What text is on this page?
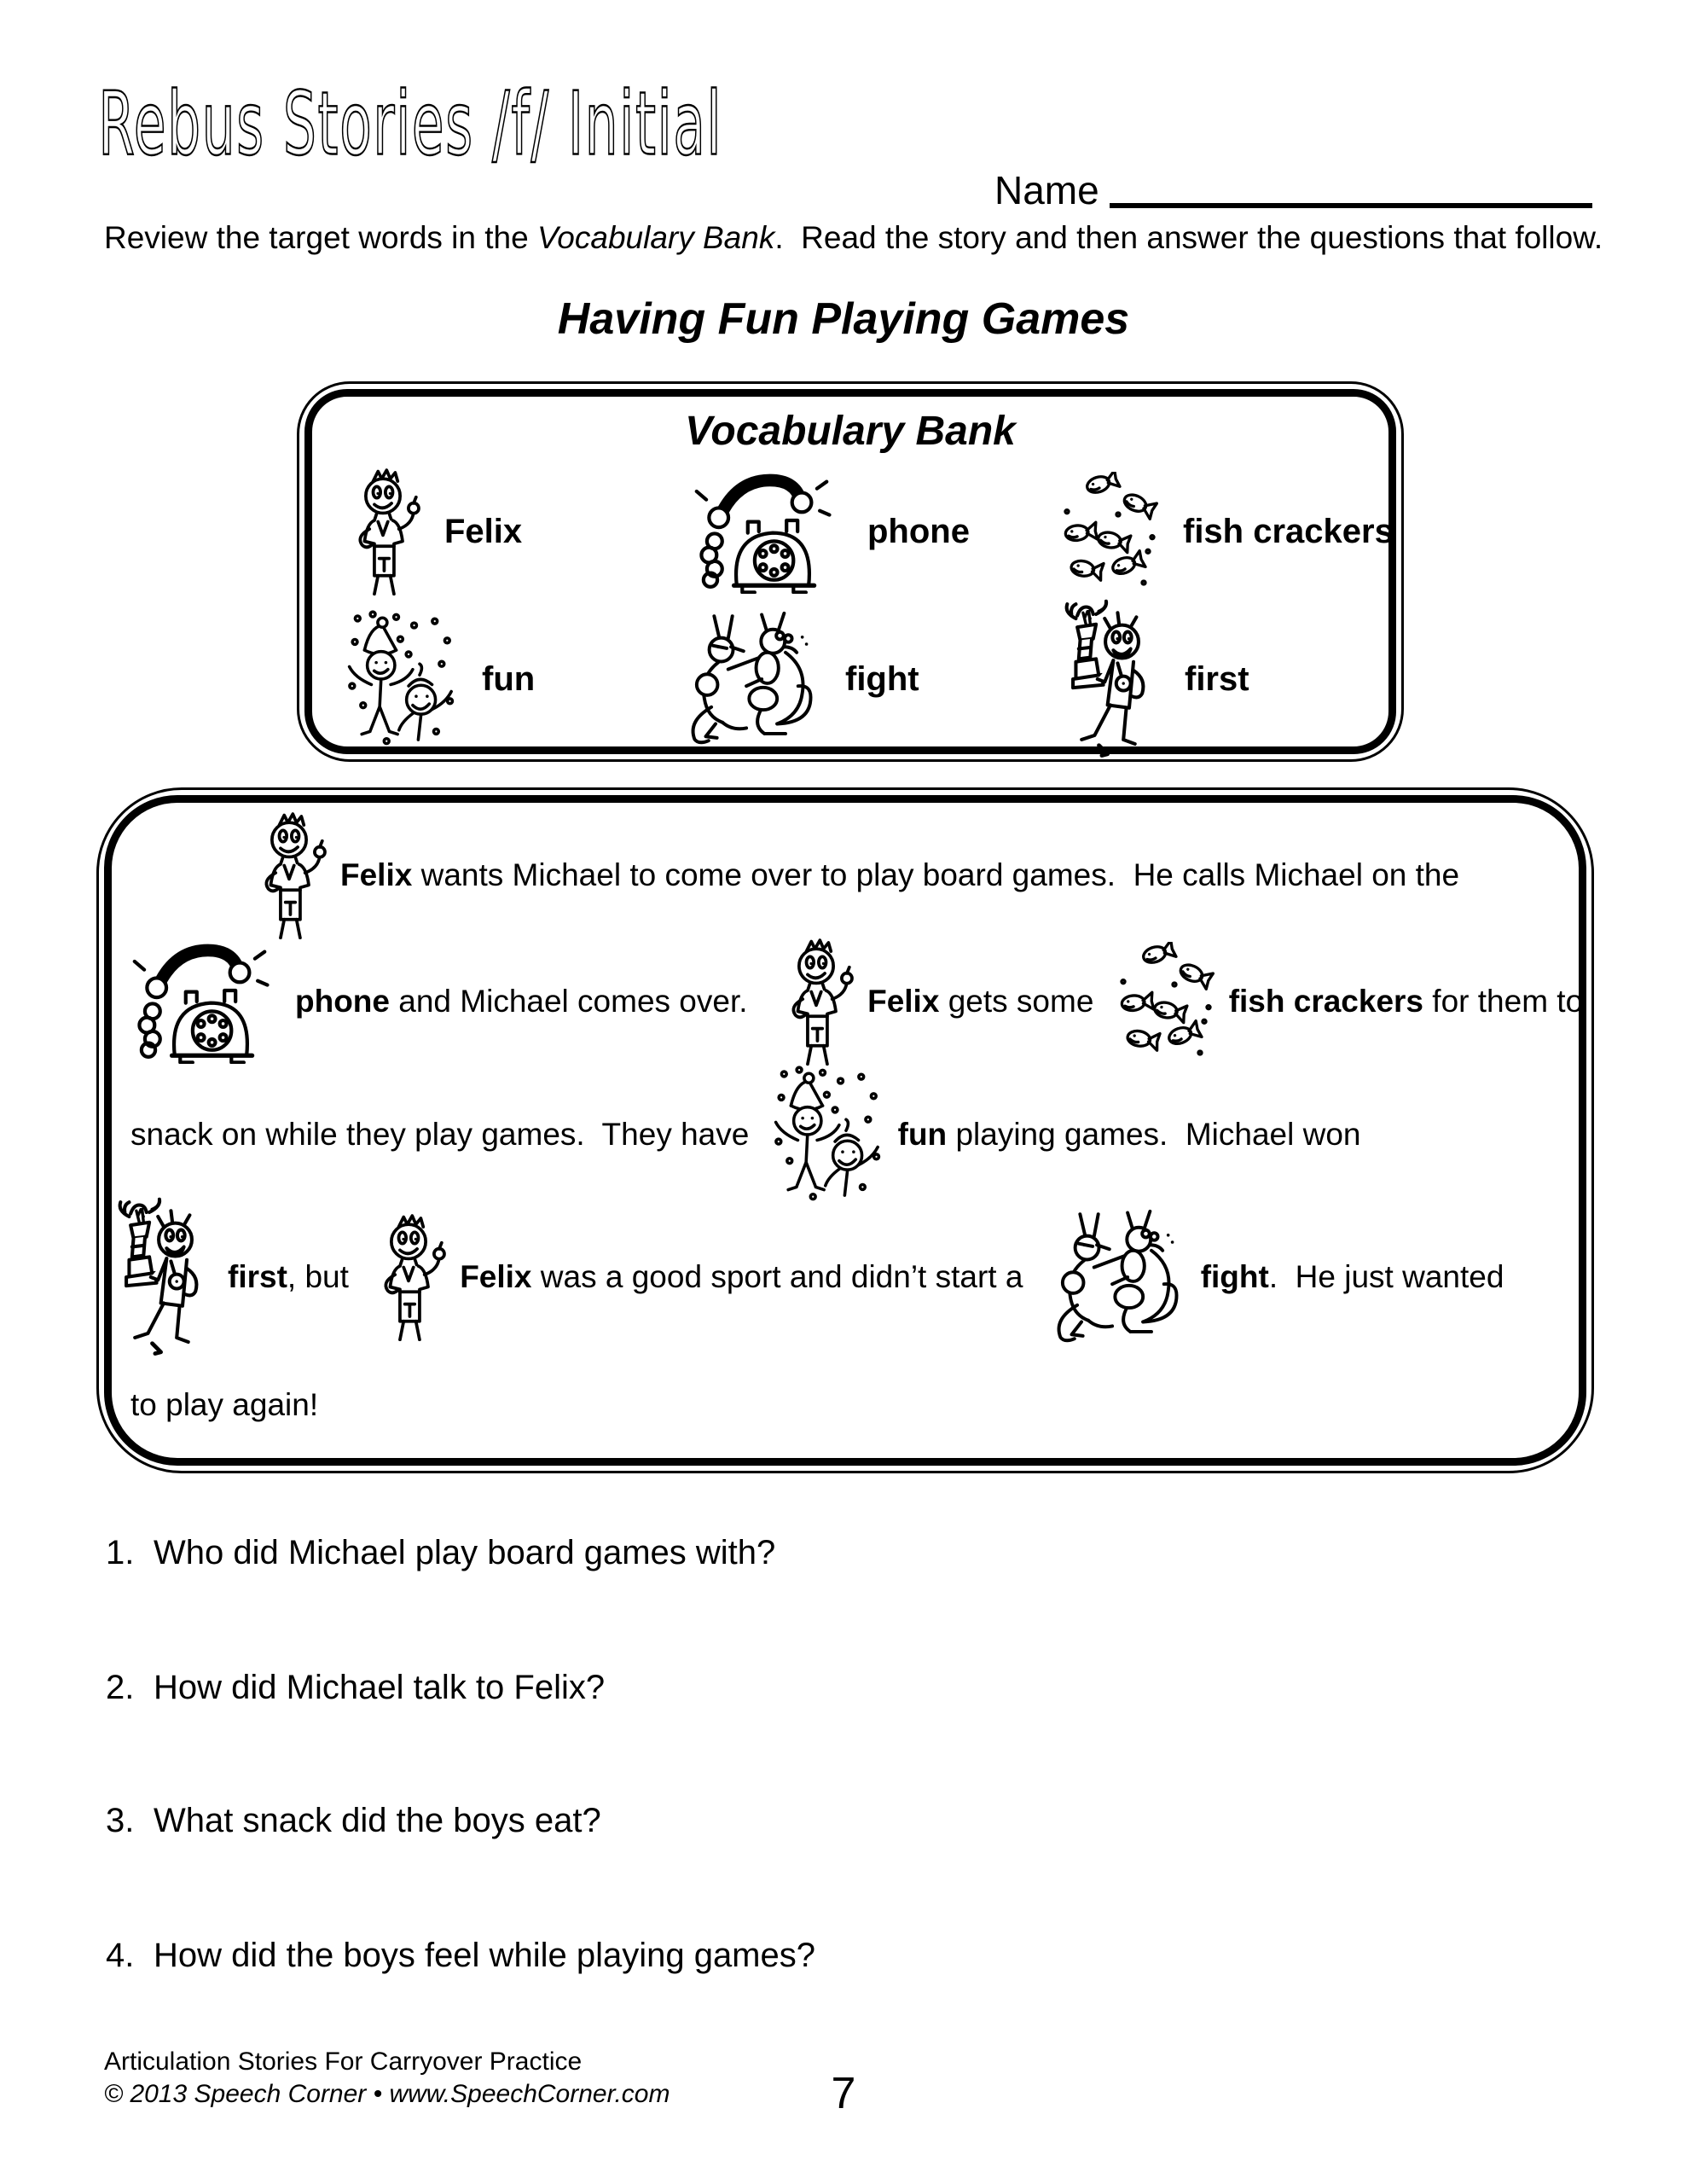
Rebus Stories /f/ Initial
Name

Review the target words in the Vocabulary Bank.  Read the story and then answer the questions that follow.

Having Fun Playing Games
Vocabulary Bank
Felix	phone	fish crackers
fun	fight	first
Felix wants Michael to come over to play board games.  He calls Michael on the
phone and Michael comes over.	Felix gets some	fish crackers for them to
snack on while they play games.  They have	fun playing games.  Michael won
first , but	Felix was a good sport and didn’t start a	fight .  He just wanted
to play again!
1. Who did Michael play board games with?
2. How did Michael talk to Felix?
3. What snack did the boys eat?
4. How did the boys feel while playing games?
Articulation Stories For Carryover Practice
© 2013 Speech Corner • www.SpeechCorner.com	7
